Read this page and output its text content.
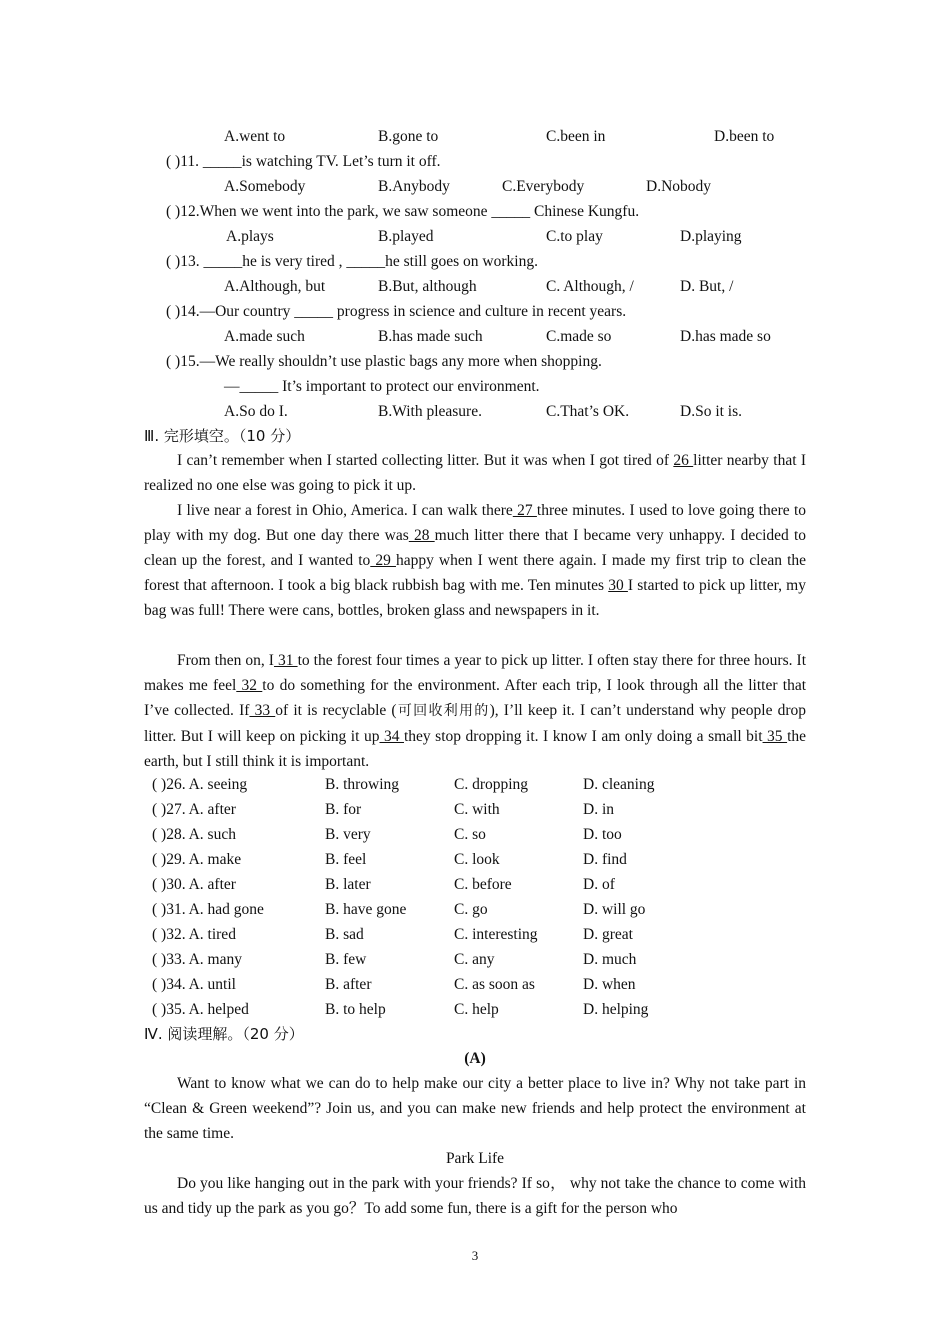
A.went to	B.gone to	C.been in	D.been to
( )11. _____is watching TV. Let’s turn it off.
A.Somebody	B.Anybody	C.Everybody	D.Nobody
( )12.When we went into the park, we saw someone _____ Chinese Kungfu.
A.plays	B.played	C.to play	D.playing
( )13. _____he is very tired , _____he still goes on working.
A.Although, but	B.But, although	C. Although, /	D. But, /
( )14.—Our country _____ progress in science and culture in recent years.
A.made such	B.has made such	C.made so	D.has made so
( )15.—We really shouldn’t use plastic bags any more when shopping.
—_____ It’s important to protect our environment.
A.So do I.	B.With pleasure.	C.That’s OK.	D.So it is.
Ⅲ. 完形填空。（10 分）
I can’t remember when I started collecting litter. But it was when I got tired of 26 litter nearby that I realized no one else was going to pick it up.
I live near a forest in Ohio, America. I can walk there 27 three minutes. I used to love going there to play with my dog. But one day there was 28 much litter there that I became very unhappy. I decided to clean up the forest, and I wanted to 29 happy when I went there again. I made my first trip to clean the forest that afternoon. I took a big black rubbish bag with me. Ten minutes 30 I started to pick up litter, my bag was full! There were cans, bottles, broken glass and newspapers in it.
From then on, I 31 to the forest four times a year to pick up litter. I often stay there for three hours. It makes me feel 32 to do something for the environment. After each trip, I look through all the litter that I’ve collected. If 33 of it is recyclable (可回收利用的), I’ll keep it. I can’t understand why people drop litter. But I will keep on picking it up 34 they stop dropping it. I know I am only doing a small bit 35 the earth, but I still think it is important.
( )26. A. seeing	B. throwing	C. dropping	D. cleaning
( )27. A. after	B. for	C. with	D. in
( )28. A. such	B. very	C. so	D. too
( )29. A. make	B. feel	C. look	D. find
( )30. A. after	B. later	C. before	D. of
( )31. A. had gone	B. have gone	C. go	D. will go
( )32. A. tired	B. sad	C. interesting	D. great
( )33. A. many	B. few	C. any	D. much
( )34. A. until	B. after	C. as soon as	D. when
( )35. A. helped	B. to help	C. help	D. helping
Ⅳ. 阅读理解。（20 分）
(A)
Want to know what we can do to help make our city a better place to live in? Why not take part in “Clean & Green weekend”? Join us, and you can make new friends and help protect the environment at the same time.
Park Life
Do you like hanging out in the park with your friends? If so， why not take the chance to come with us and tidy up the park as you go？To add some fun, there is a gift for the person who
3
